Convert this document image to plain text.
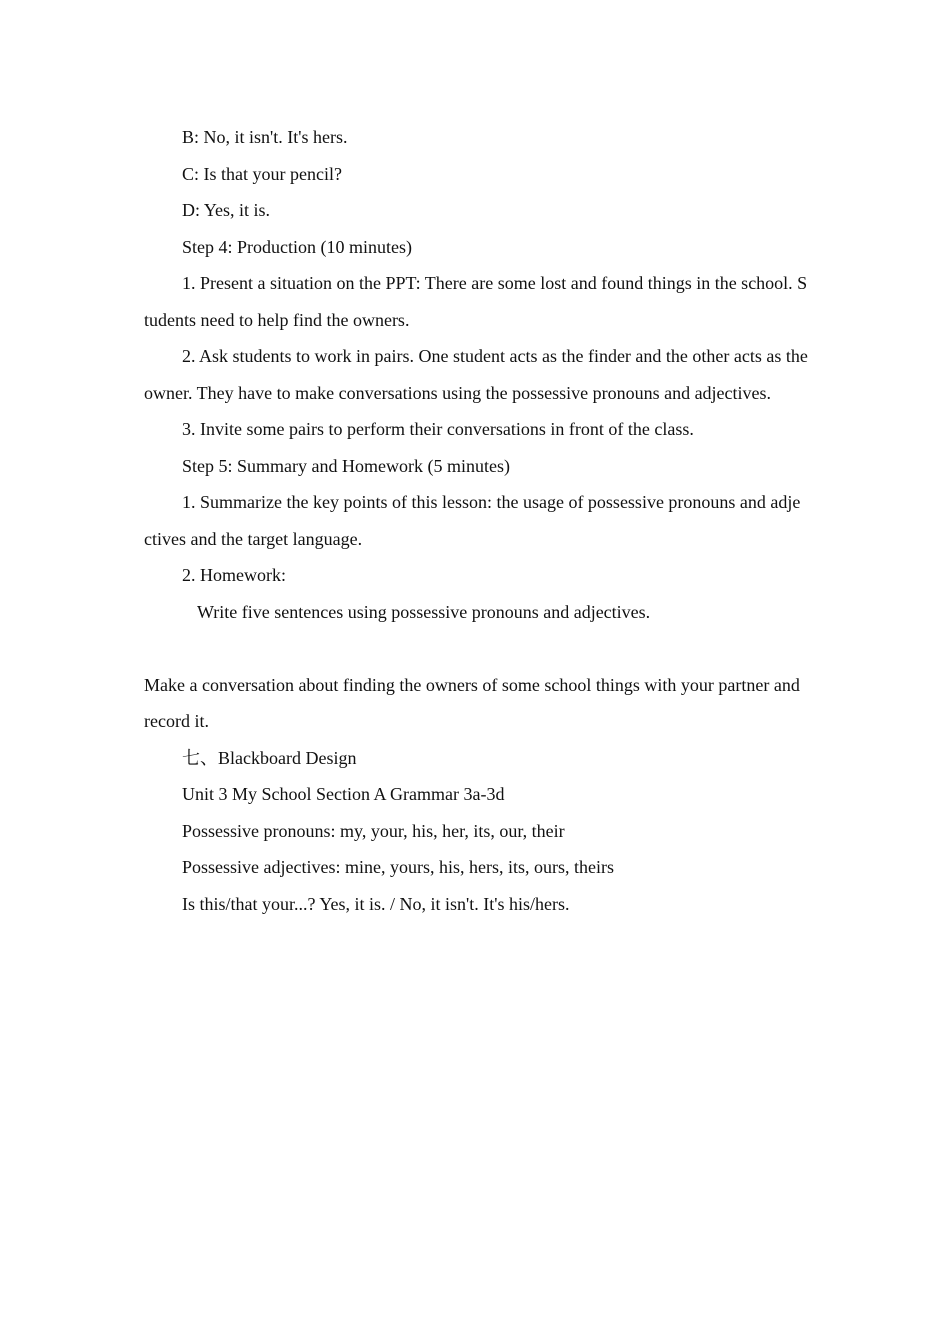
B: No, it isn't. It's hers.

C: Is that your pencil?

D: Yes, it is.

Step 4: Production (10 minutes)

1. Present a situation on the PPT: There are some lost and found things in the school. Students need to help find the owners.

2. Ask students to work in pairs. One student acts as the finder and the other acts as the owner. They have to make conversations using the possessive pronouns and adjectives.

3. Invite some pairs to perform their conversations in front of the class.

Step 5: Summary and Homework (5 minutes)

1. Summarize the key points of this lesson: the usage of possessive pronouns and adjectives and the target language.

2. Homework:

Write five sentences using possessive pronouns and adjectives.

Make a conversation about finding the owners of some school things with your partner and record it.

七、Blackboard Design

Unit 3 My School Section A Grammar 3a-3d

Possessive pronouns: my, your, his, her, its, our, their

Possessive adjectives: mine, yours, his, hers, its, ours, theirs

Is this/that your...? Yes, it is. / No, it isn't. It's his/hers.
